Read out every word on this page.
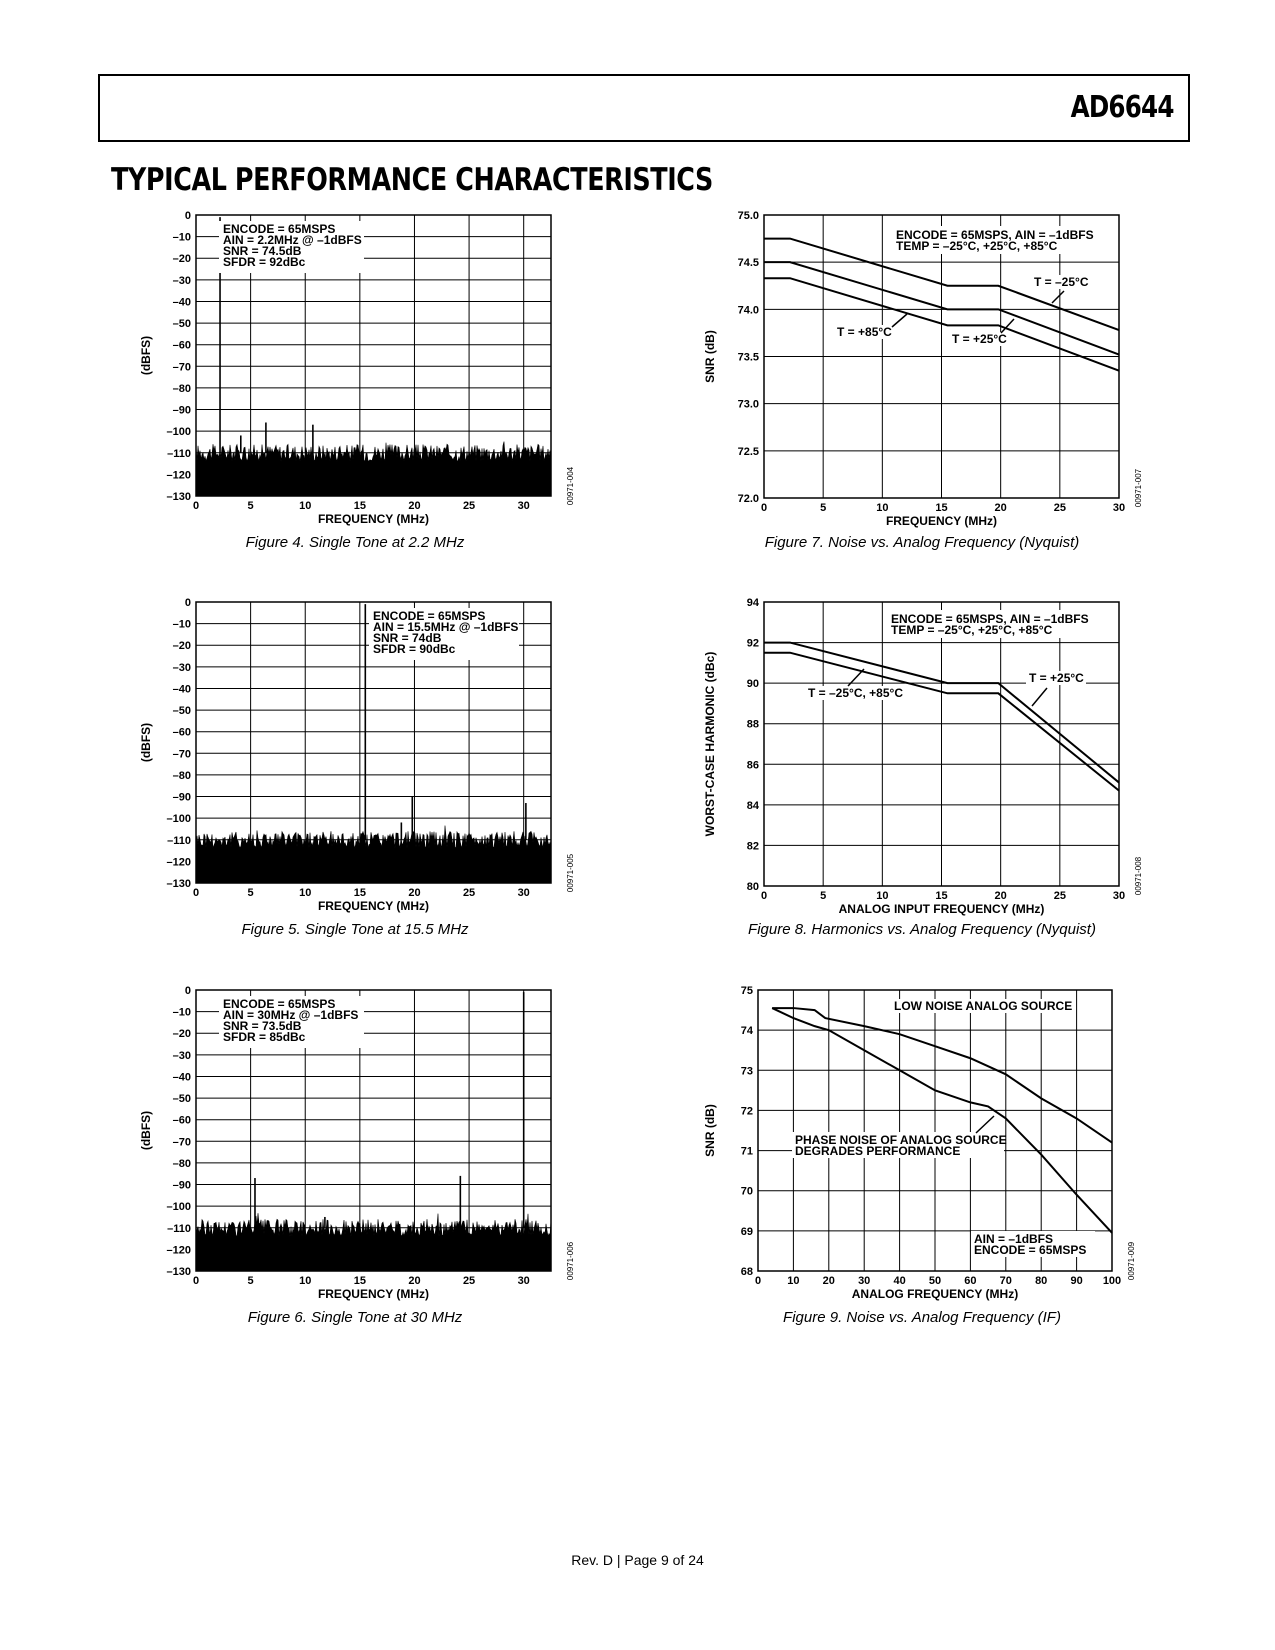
AD6644
TYPICAL PERFORMANCE CHARACTERISTICS
0
–10
–20
–30
–40
–50
–60
–70
–80
–90
–100
–110
–120
–130
0	5	10	15	20	25	30
FREQUENCY (MHz)
(dBFS)
00971-004
ENCODE = 65MSPS
AIN = 2.2MHz @ –1dBFS
SNR = 74.5dB
SFDR = 92dBc
0
–10
–20
–30
–40
–50
–60
–70
–80
–90
–100
–110
–120
–130
0	5	10	15	20	25	30
FREQUENCY (MHz)
(dBFS)
00971-005
ENCODE = 65MSPS
AIN = 15.5MHz @ –1dBFS
SNR = 74dB
SFDR = 90dBc
0
–10
–20
–30
–40
–50
–60
–70
–80
–90
–100
–110
–120
–130
0	5	10	15	20	25	30
FREQUENCY (MHz)
(dBFS)
00971-006
ENCODE = 65MSPS
AIN = 30MHz @ –1dBFS
SNR = 73.5dB
SFDR = 85dBc
72.0
72.5
73.0
73.5
74.0
74.5
75.0
0	5	10	15	20	25	30
FREQUENCY (MHz)
SNR (dB)
00971-007
ENCODE = 65MSPS, AIN = –1dBFS
TEMP = –25°C, +25°C, +85°C
T = –25°C
T = +25°C
T = +85°C
80
82
84
86
88
90
92
94
0	5	10	15	20	25	30
ANALOG INPUT FREQUENCY (MHz)
WORST-CASE HARMONIC (dBc)
00971-008
ENCODE = 65MSPS, AIN = –1dBFS
TEMP = –25°C, +25°C, +85°C
T = +25°C
T = –25°C, +85°C
68
69
70
71
72
73
74
75
0 10 20 30 40 50 60 70 80 90 100
ANALOG FREQUENCY (MHz)
SNR (dB)
00971-009
LOW NOISE ANALOG SOURCE
PHASE NOISE OF ANALOG SOURCE
DEGRADES PERFORMANCE
AIN = –1dBFS
ENCODE = 65MSPS
Figure 4. Single Tone at 2.2 MHz
Figure 5. Single Tone at 15.5 MHz
Figure 6. Single Tone at 30 MHz
Figure 7. Noise vs. Analog Frequency (Nyquist)
Figure 8. Harmonics vs. Analog Frequency (Nyquist)
Figure 9. Noise vs. Analog Frequency (IF)
Rev. D | Page 9 of 24
